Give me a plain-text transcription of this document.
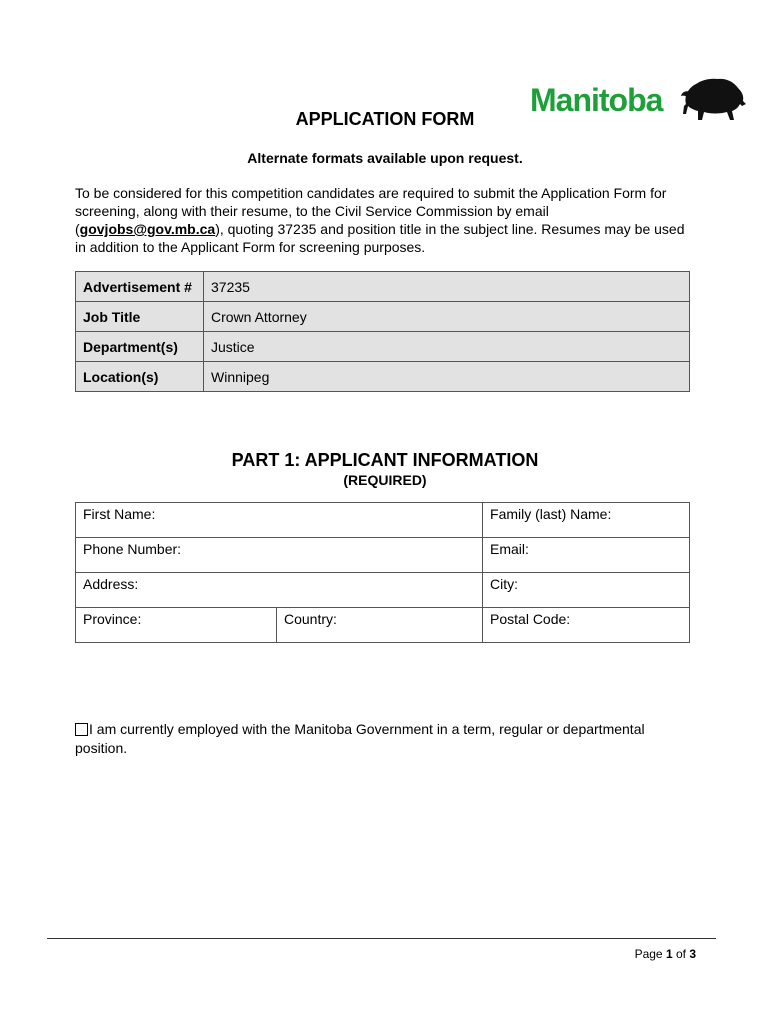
APPLICATION FORM
Manitoba
Alternate formats available upon request.
To be considered for this competition candidates are required to submit the Application Form for screening, along with their resume, to the Civil Service Commission by email (govjobs@gov.mb.ca), quoting 37235 and position title in the subject line. Resumes may be used in addition to the Applicant Form for screening purposes.
Advertisement #	37235
Job Title	Crown Attorney
Department(s)	Justice
Location(s)	Winnipeg
PART 1: APPLICANT INFORMATION
(REQUIRED)
First Name:		Family (last) Name:
Phone Number:		Email:
Address:		City:
Province:	Country:	Postal Code:
I am currently employed with the Manitoba Government in a term, regular or departmental position.
Page 1 of 3
